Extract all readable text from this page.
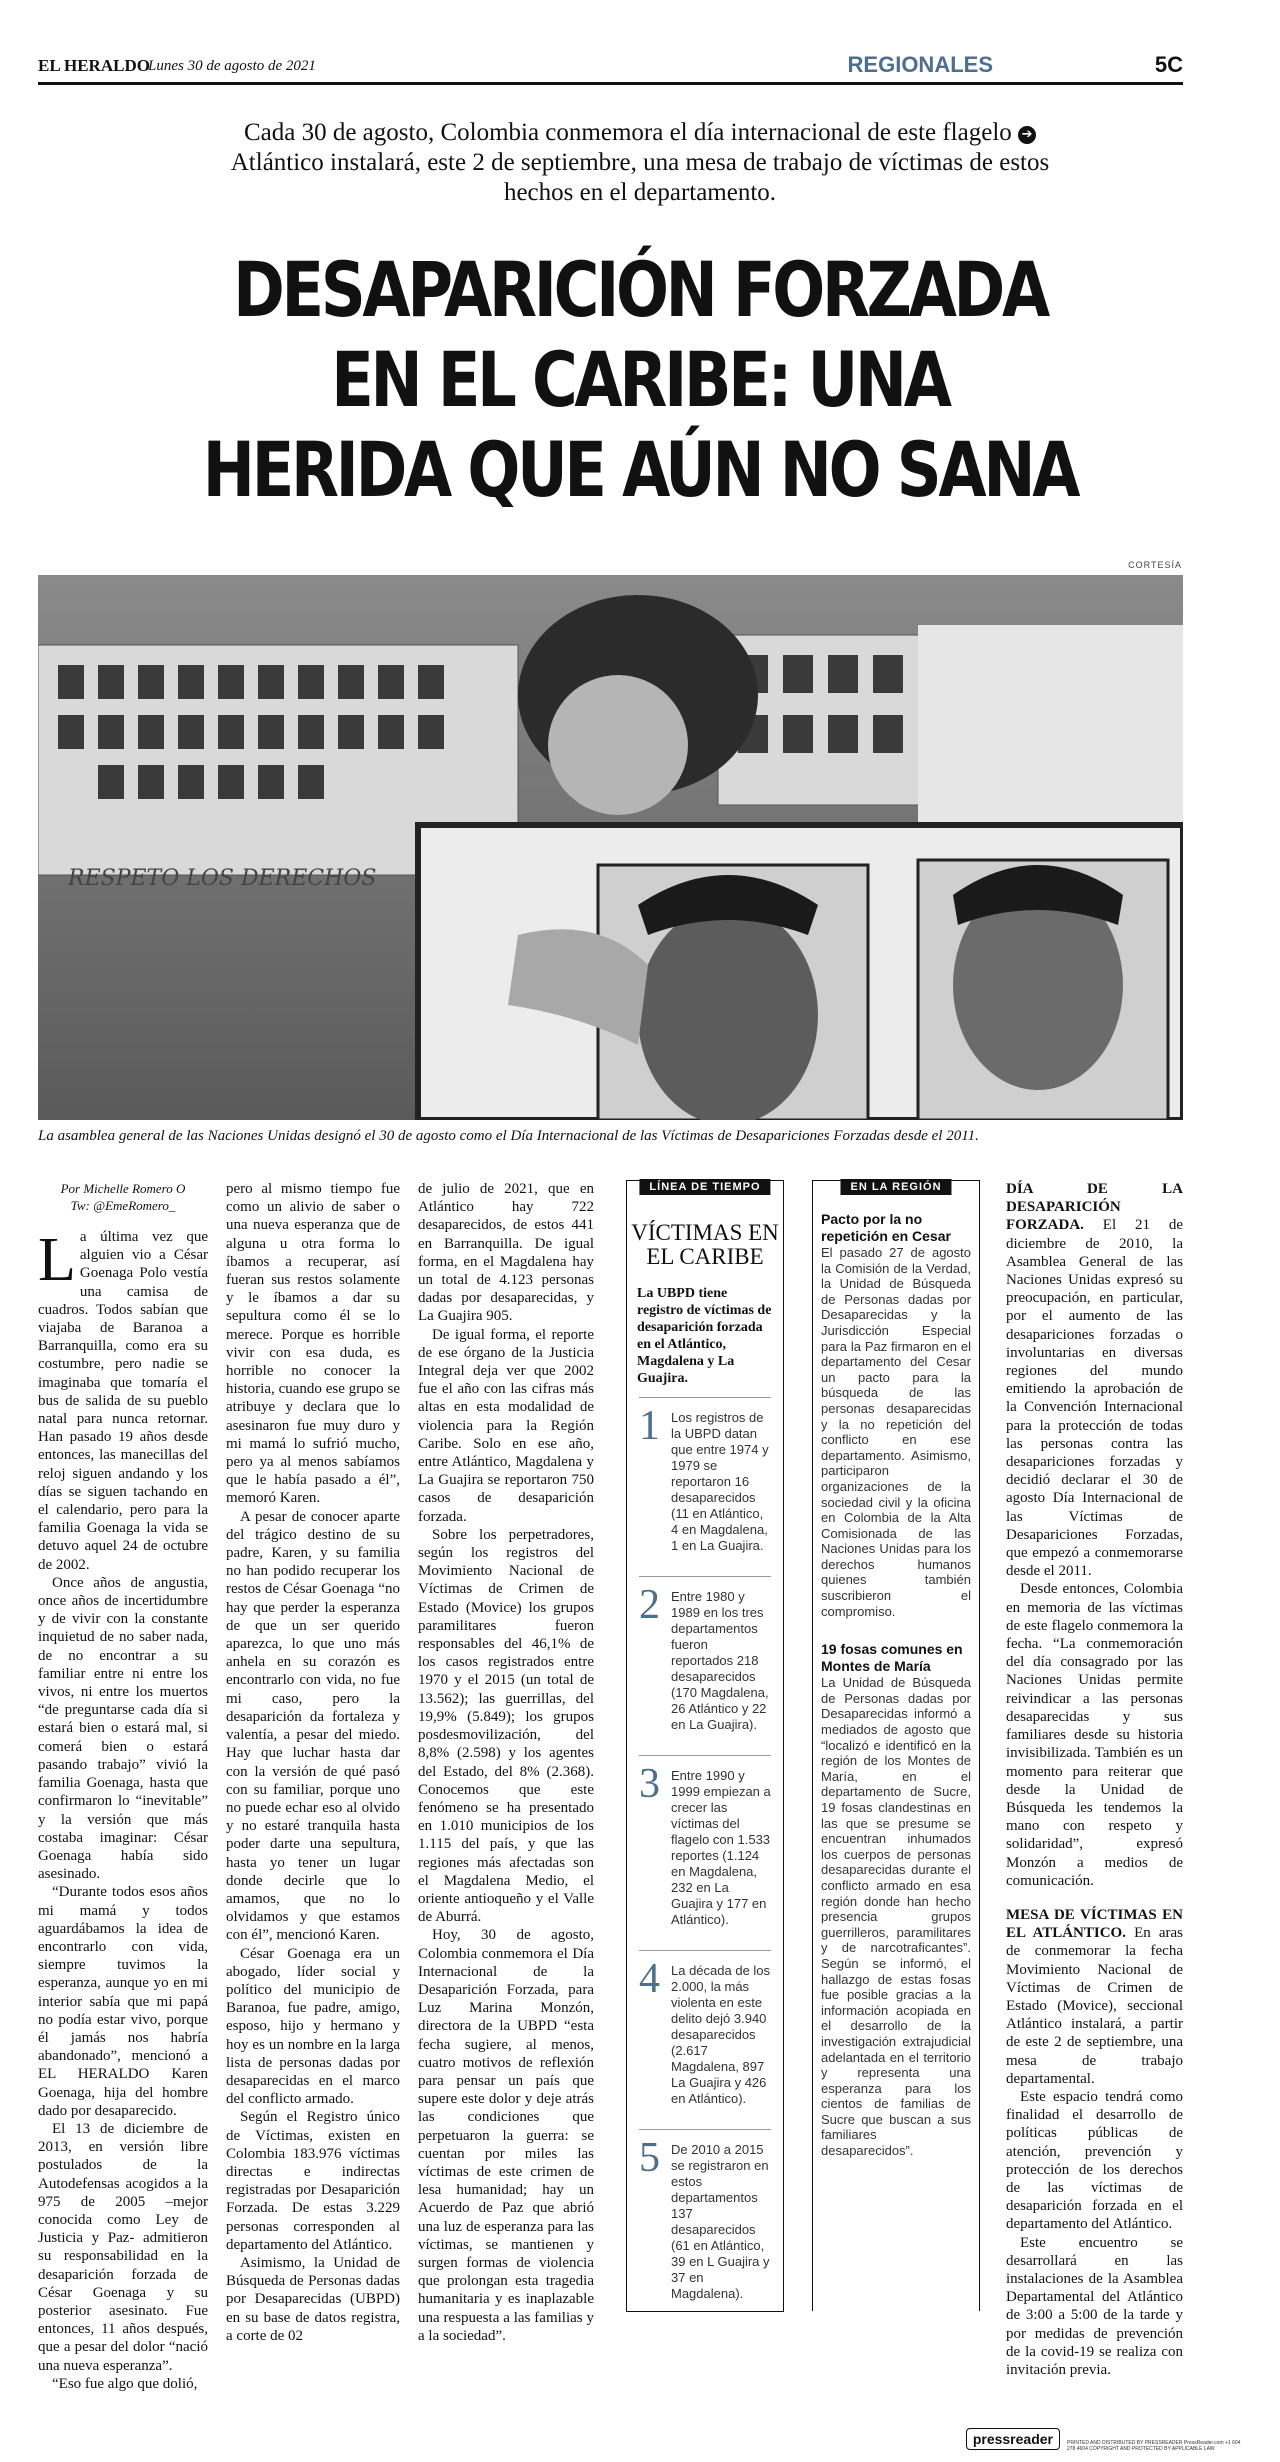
EL HERALDO
Lunes 30 de agosto de 2021	REGIONALES	5C
Cada 30 de agosto, Colombia conmemora el día internacional de este flagelo ➔ Atlántico instalará, este 2 de septiembre, una mesa de trabajo de víctimas de estos hechos en el departamento.
DESAPARICIÓN FORZADA
EN EL CARIBE: UNA
HERIDA QUE AÚN NO SANA
CORTESÍA
RESPETO LOS DERECHOS
La asamblea general de las Naciones Unidas designó el 30 de agosto como el Día Internacional de las Víctimas de Desapariciones Forzadas desde el 2011.
Por Michelle Romero O
Tw: @EmeRomero_

La última vez que alguien vio a César Goenaga Polo vestía una camisa de cuadros. Todos sabían que viajaba de Baranoa a Barranquilla, como era su costumbre, pero nadie se imaginaba que tomaría el bus de salida de su pueblo natal para nunca retornar. Han pasado 19 años desde entonces, las manecillas del reloj siguen andando y los días se siguen tachando en el calendario, pero para la familia Goenaga la vida se detuvo aquel 24 de octubre de 2002.

Once años de angustia, once años de incertidumbre y de vivir con la constante inquietud de no saber nada, de no encontrar a su familiar entre ni entre los vivos, ni entre los muertos “de preguntarse cada día si estará bien o estará mal, si comerá bien o estará pasando trabajo” vivió la familia Goenaga, hasta que confirmaron lo “inevitable” y la versión que más costaba imaginar: César Goenaga había sido asesinado.

“Durante todos esos años mi mamá y todos aguardábamos la idea de encontrarlo con vida, siempre tuvimos la esperanza, aunque yo en mi interior sabía que mi papá no podía estar vivo, porque él jamás nos habría abandonado”, mencionó a EL HERALDO Karen Goenaga, hija del hombre dado por desaparecido.

El 13 de diciembre de 2013, en versión libre postulados de la Autodefensas acogidos a la 975 de 2005 –mejor conocida como Ley de Justicia y Paz- admitieron su responsabilidad en la desaparición forzada de César Goenaga y su posterior asesinato. Fue entonces, 11 años después, que a pesar del dolor “nació una nueva esperanza”.

“Eso fue algo que dolió,

pero al mismo tiempo fue como un alivio de saber o una nueva esperanza que de alguna u otra forma lo íbamos a recuperar, así fueran sus restos solamente y le íbamos a dar su sepultura como él se lo merece. Porque es horrible vivir con esa duda, es horrible no conocer la historia, cuando ese grupo se atribuye y declara que lo asesinaron fue muy duro y mi mamá lo sufrió mucho, pero ya al menos sabíamos que le había pasado a él”, memoró Karen.

A pesar de conocer aparte del trágico destino de su padre, Karen, y su familia no han podido recuperar los restos de César Goenaga “no hay que perder la esperanza de que un ser querido aparezca, lo que uno más anhela en su corazón es encontrarlo con vida, no fue mi caso, pero la desaparición da fortaleza y valentía, a pesar del miedo. Hay que luchar hasta dar con la versión de qué pasó con su familiar, porque uno no puede echar eso al olvido y no estaré tranquila hasta poder darte una sepultura, hasta yo tener un lugar donde decirle que lo amamos, que no lo olvidamos y que estamos con él”, mencionó Karen.

César Goenaga era un abogado, líder social y político del municipio de Baranoa, fue padre, amigo, esposo, hijo y hermano y hoy es un nombre en la larga lista de personas dadas por desaparecidas en el marco del conflicto armado.

Según el Registro único de Víctimas, existen en Colombia 183.976 víctimas directas e indirectas registradas por Desaparición Forzada. De estas 3.229 personas corresponden al departamento del Atlántico.

Asimismo, la Unidad de Búsqueda de Personas dadas por Desaparecidas (UBPD) en su base de datos registra, a corte de 02

de julio de 2021, que en Atlántico hay 722 desaparecidos, de estos 441 en Barranquilla. De igual forma, en el Magdalena hay un total de 4.123 personas dadas por desaparecidas, y La Guajira 905.

De igual forma, el reporte de ese órgano de la Justicia Integral deja ver que 2002 fue el año con las cifras más altas en esta modalidad de violencia para la Región Caribe. Solo en ese año, entre Atlántico, Magdalena y La Guajira se reportaron 750 casos de desaparición forzada.

Sobre los perpetradores, según los registros del Movimiento Nacional de Víctimas de Crimen de Estado (Movice) los grupos paramilitares fueron responsables del 46,1% de los casos registrados entre 1970 y el 2015 (un total de 13.562); las guerrillas, del 19,9% (5.849); los grupos posdesmovilización, del 8,8% (2.598) y los agentes del Estado, del 8% (2.368). Conocemos que este fenómeno se ha presentado en 1.010 municipios de los 1.115 del país, y que las regiones más afectadas son el Magdalena Medio, el oriente antioqueño y el Valle de Aburrá.

Hoy, 30 de agosto, Colombia conmemora el Día Internacional de la Desaparición Forzada, para Luz Marina Monzón, directora de la UBPD “esta fecha sugiere, al menos, cuatro motivos de reflexión para pensar un país que supere este dolor y deje atrás las condiciones que perpetuaron la guerra: se cuentan por miles las víctimas de este crimen de lesa humanidad; hay un Acuerdo de Paz que abrió una luz de esperanza para las víctimas, se mantienen y surgen formas de violencia que prolongan esta tragedia humanitaria y es inaplazable una respuesta a las familias y a la sociedad”.

LÍNEA DE TIEMPO
VÍCTIMAS EN EL CARIBE
La UBPD tiene registro de víctimas de desaparición forzada en el Atlántico, Magdalena y La Guajira.
1 Los registros de la UBPD datan que entre 1974 y 1979 se reportaron 16 desaparecidos (11 en Atlántico, 4 en Magdalena, 1 en La Guajira.
2 Entre 1980 y 1989 en los tres departamentos fueron reportados 218 desaparecidos (170 Magdalena, 26 Atlántico y 22 en La Guajira).
3 Entre 1990 y 1999 empiezan a crecer las víctimas del flagelo con 1.533 reportes (1.124 en Magdalena, 232 en La Guajira y 177 en Atlántico).
4 La década de los 2.000, la más violenta en este delito dejó 3.940 desaparecidos (2.617 Magdalena, 897 La Guajira y 426 en Atlántico).
5 De 2010 a 2015 se registraron en estos departamentos 137 desaparecidos (61 en Atlántico, 39 en L Guajira y 37 en Magdalena).
EN LA REGIÓN
Pacto por la no repetición en Cesar
El pasado 27 de agosto la Comisión de la Verdad, la Unidad de Búsqueda de Personas dadas por Desaparecidas y la Jurisdicción Especial para la Paz firmaron en el departamento del Cesar un pacto para la búsqueda de las personas desaparecidas y la no repetición del conflicto en ese departamento. Asimismo, participaron organizaciones de la sociedad civil y la oficina en Colombia de la Alta Comisionada de las Naciones Unidas para los derechos humanos quienes también suscribieron el compromiso.
19 fosas comunes en Montes de María
La Unidad de Búsqueda de Personas dadas por Desaparecidas informó a mediados de agosto que “localizó e identificó en la región de los Montes de María, en el departamento de Sucre, 19 fosas clandestinas en las que se presume se encuentran inhumados los cuerpos de personas desaparecidas durante el conflicto armado en esa región donde han hecho presencia grupos guerrilleros, paramilitares y de narcotraficantes”. Según se informó, el hallazgo de estas fosas fue posible gracias a la información acopiada en el desarrollo de la investigación extrajudicial adelantada en el territorio y representa una esperanza para los cientos de familias de Sucre que buscan a sus familiares desaparecidos”.

DÍA DE LA DESAPARICIÓN FORZADA. El 21 de diciembre de 2010, la Asamblea General de las Naciones Unidas expresó su preocupación, en particular, por el aumento de las desapariciones forzadas o involuntarias en diversas regiones del mundo emitiendo la aprobación de la Convención Internacional para la protección de todas las personas contra las desapariciones forzadas y decidió declarar el 30 de agosto Día Internacional de las Víctimas de Desapariciones Forzadas, que empezó a conmemorarse desde el 2011.

Desde entonces, Colombia en memoria de las víctimas de este flagelo conmemora la fecha. “La conmemoración del día consagrado por las Naciones Unidas permite reivindicar a las personas desaparecidas y sus familiares desde su historia invisibilizada. También es un momento para reiterar que desde la Unidad de Búsqueda les tendemos la mano con respeto y solidaridad”, expresó Monzón a medios de comunicación.

MESA DE VÍCTIMAS EN EL ATLÁNTICO. En aras de conmemorar la fecha Movimiento Nacional de Víctimas de Crimen de Estado (Movice), seccional Atlántico instalará, a partir de este 2 de septiembre, una mesa de trabajo departamental.

Este espacio tendrá como finalidad el desarrollo de políticas públicas de atención, prevención y protección de los derechos de las víctimas de desaparición forzada en el departamento del Atlántico.

Este encuentro se desarrollará en las instalaciones de la Asamblea Departamental del Atlántico de 3:00 a 5:00 de la tarde y por medidas de prevención de la covid-19 se realiza con invitación previa.

pressreader	PRINTED AND DISTRIBUTED BY PRESSREADER PressReader.com +1 604 278 4604 COPYRIGHT AND PROTECTED BY APPLICABLE LAW
